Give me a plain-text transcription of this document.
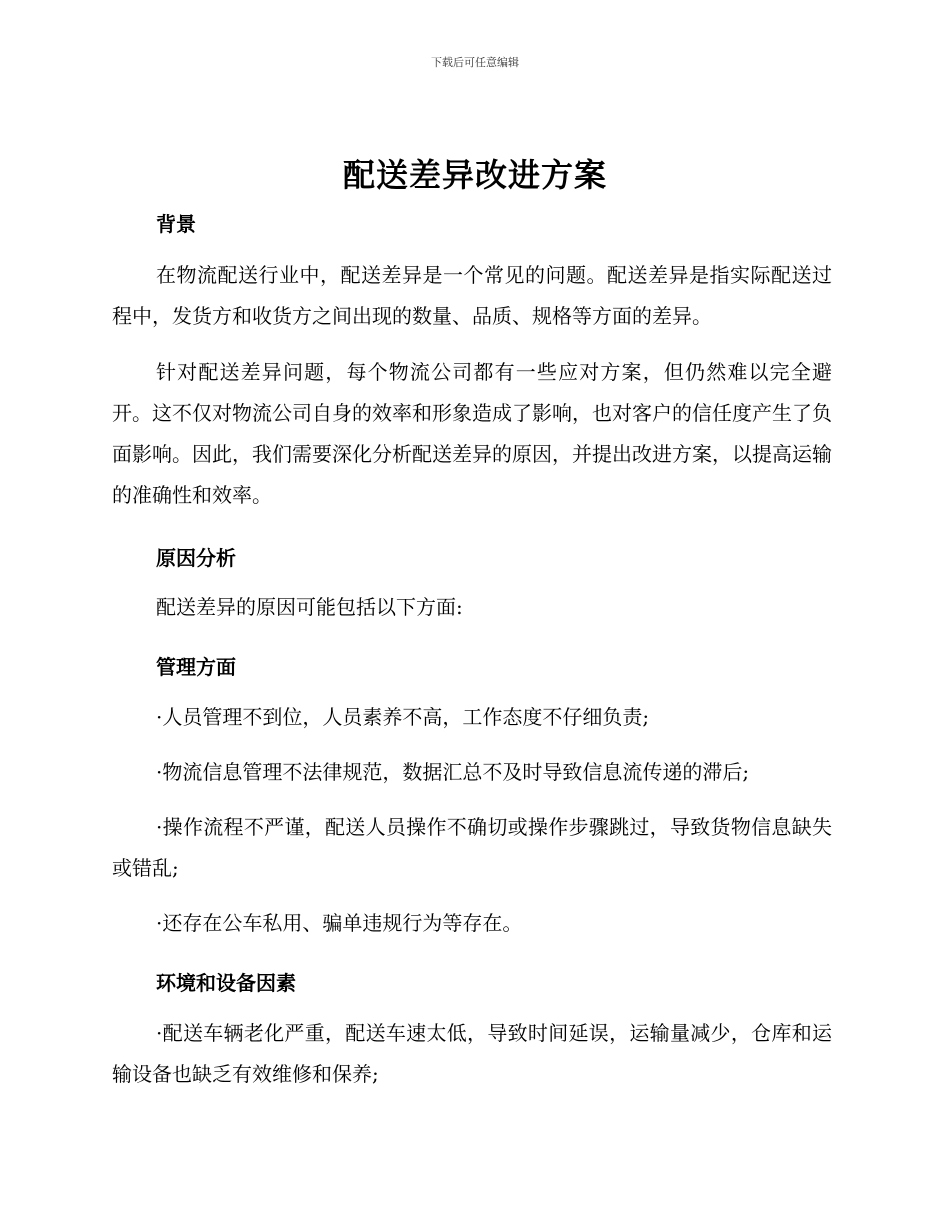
下载后可任意编辑
配送差异改进方案
背景

在物流配送行业中，配送差异是一个常见的问题。配送差异是指实际配送过程中，发货方和收货方之间出现的数量、品质、规格等方面的差异。

针对配送差异问题，每个物流公司都有一些应对方案，但仍然难以完全避开。这不仅对物流公司自身的效率和形象造成了影响，也对客户的信任度产生了负面影响。因此，我们需要深化分析配送差异的原因，并提出改进方案，以提高运输的准确性和效率。

原因分析

配送差异的原因可能包括以下方面:

管理方面

·人员管理不到位，人员素养不高，工作态度不仔细负责;

·物流信息管理不法律规范，数据汇总不及时导致信息流传递的滞后;

·操作流程不严谨，配送人员操作不确切或操作步骤跳过，导致货物信息缺失或错乱;

·还存在公车私用、骗单违规行为等存在。

环境和设备因素

·配送车辆老化严重，配送车速太低，导致时间延误，运输量减少，仓库和运输设备也缺乏有效维修和保养;
